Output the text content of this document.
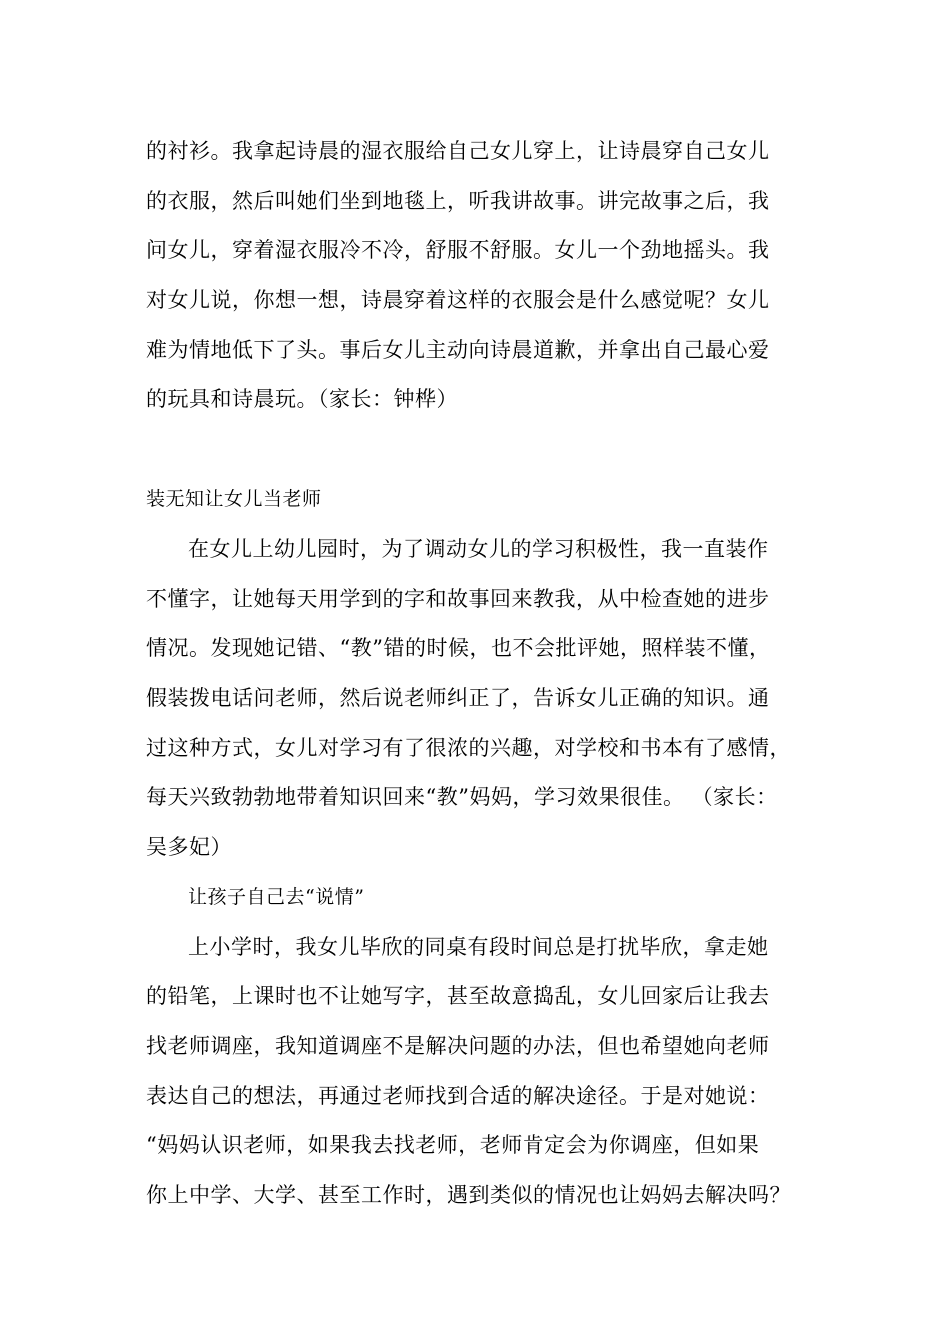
的衬衫。我拿起诗晨的湿衣服给自己女儿穿上，让诗晨穿自己女儿
的衣服，然后叫她们坐到地毯上，听我讲故事。讲完故事之后，我
问女儿，穿着湿衣服冷不冷，舒服不舒服。女儿一个劲地摇头。我
对女儿说，你想一想，诗晨穿着这样的衣服会是什么感觉呢？女儿
难为情地低下了头。事后女儿主动向诗晨道歉，并拿出自己最心爱
的玩具和诗晨玩。（家长：钟桦）
装无知让女儿当老师
在女儿上幼儿园时，为了调动女儿的学习积极性，我一直装作
不懂字，让她每天用学到的字和故事回来教我，从中检查她的进步
情况。发现她记错、“教”错的时候，也不会批评她，照样装不懂，
假装拨电话问老师，然后说老师纠正了，告诉女儿正确的知识。通
过这种方式，女儿对学习有了很浓的兴趣，对学校和书本有了感情，
每天兴致勃勃地带着知识回来“教”妈妈，学习效果很佳。 （家长：
吴多妃）
让孩子自己去“说情”
上小学时，我女儿毕欣的同桌有段时间总是打扰毕欣，拿走她
的铅笔，上课时也不让她写字，甚至故意捣乱，女儿回家后让我去
找老师调座，我知道调座不是解决问题的办法，但也希望她向老师
表达自己的想法，再通过老师找到合适的解决途径。于是对她说：
“妈妈认识老师，如果我去找老师，老师肯定会为你调座，但如果
你上中学、大学、甚至工作时，遇到类似的情况也让妈妈去解决吗？
